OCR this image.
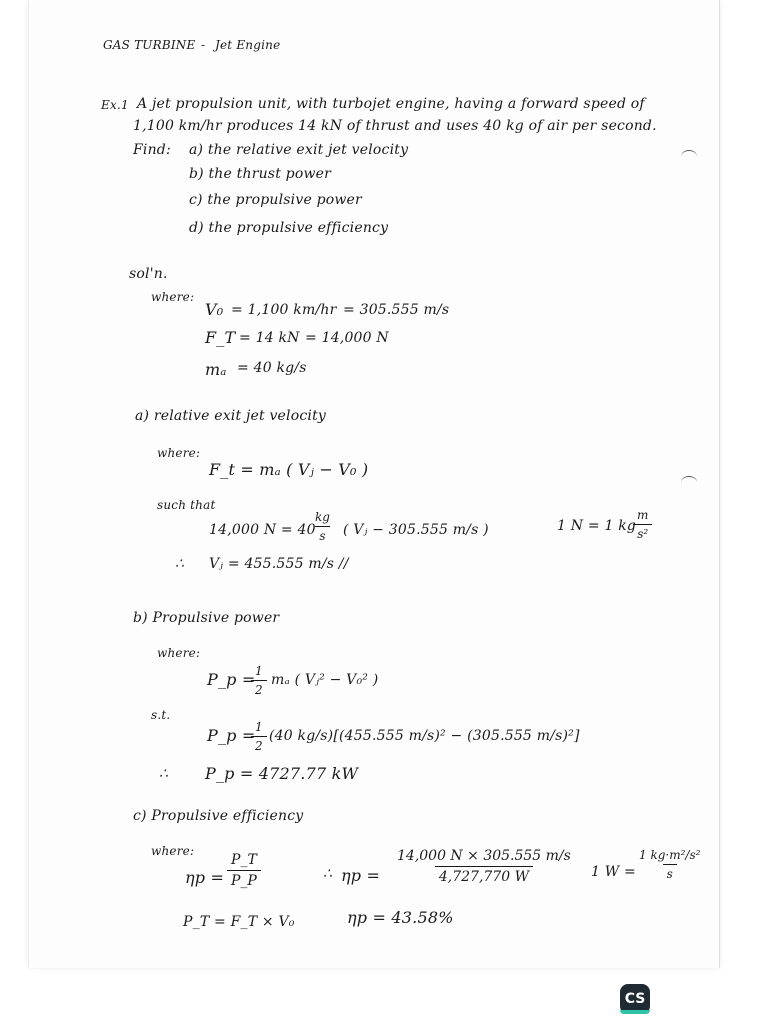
GAS TURBINE - Jet Engine
Ex.1 A jet propulsion unit, with turbojet engine, having a forward speed of
1,100 km/hr produces 14 kN of thrust and uses 40 kg of air per second.
Find: a) the relative exit jet velocity
b) the thrust power
c) the propulsive power
d) the propulsive efficiency
sol'n.
where:
V₀ = 1,100 km/hr = 305.555 m/s
F_T = 14 kN = 14,000 N
mₐ = 40 kg/s
a) relative exit jet velocity
where:
F_t = mₐ ( Vⱼ − V₀ )
such that
14,000 N = 40
$\frac{kg}{s}$ ( Vⱼ − 305.555 m/s )	1 N = 1 kg
$\frac{m}{\text{s²}}$
∴ Vⱼ = 455.555 m/s //
b) Propulsive power
where:
P_p =
$\frac{1}{2}$ mₐ ( Vⱼ² − V₀² )
s.t.
P_p =
$\frac{1}{2} (40$ kg/s)[(455.555 m/s)² − (305.555 m/s)²]
∴ P_p = 4727.77 kW
c) Propulsive efficiency
where:
$\eta p = \frac{P\_T}{P\_P}$	∴ $\eta p = \frac{14,000 N \times 305.555 m/s}{4,727,770 W} 1$ $W = \frac{\text{1 kg·m²/s²}}{s}$
P_T = F_T × V₀	ηp = 43.58%
CS
